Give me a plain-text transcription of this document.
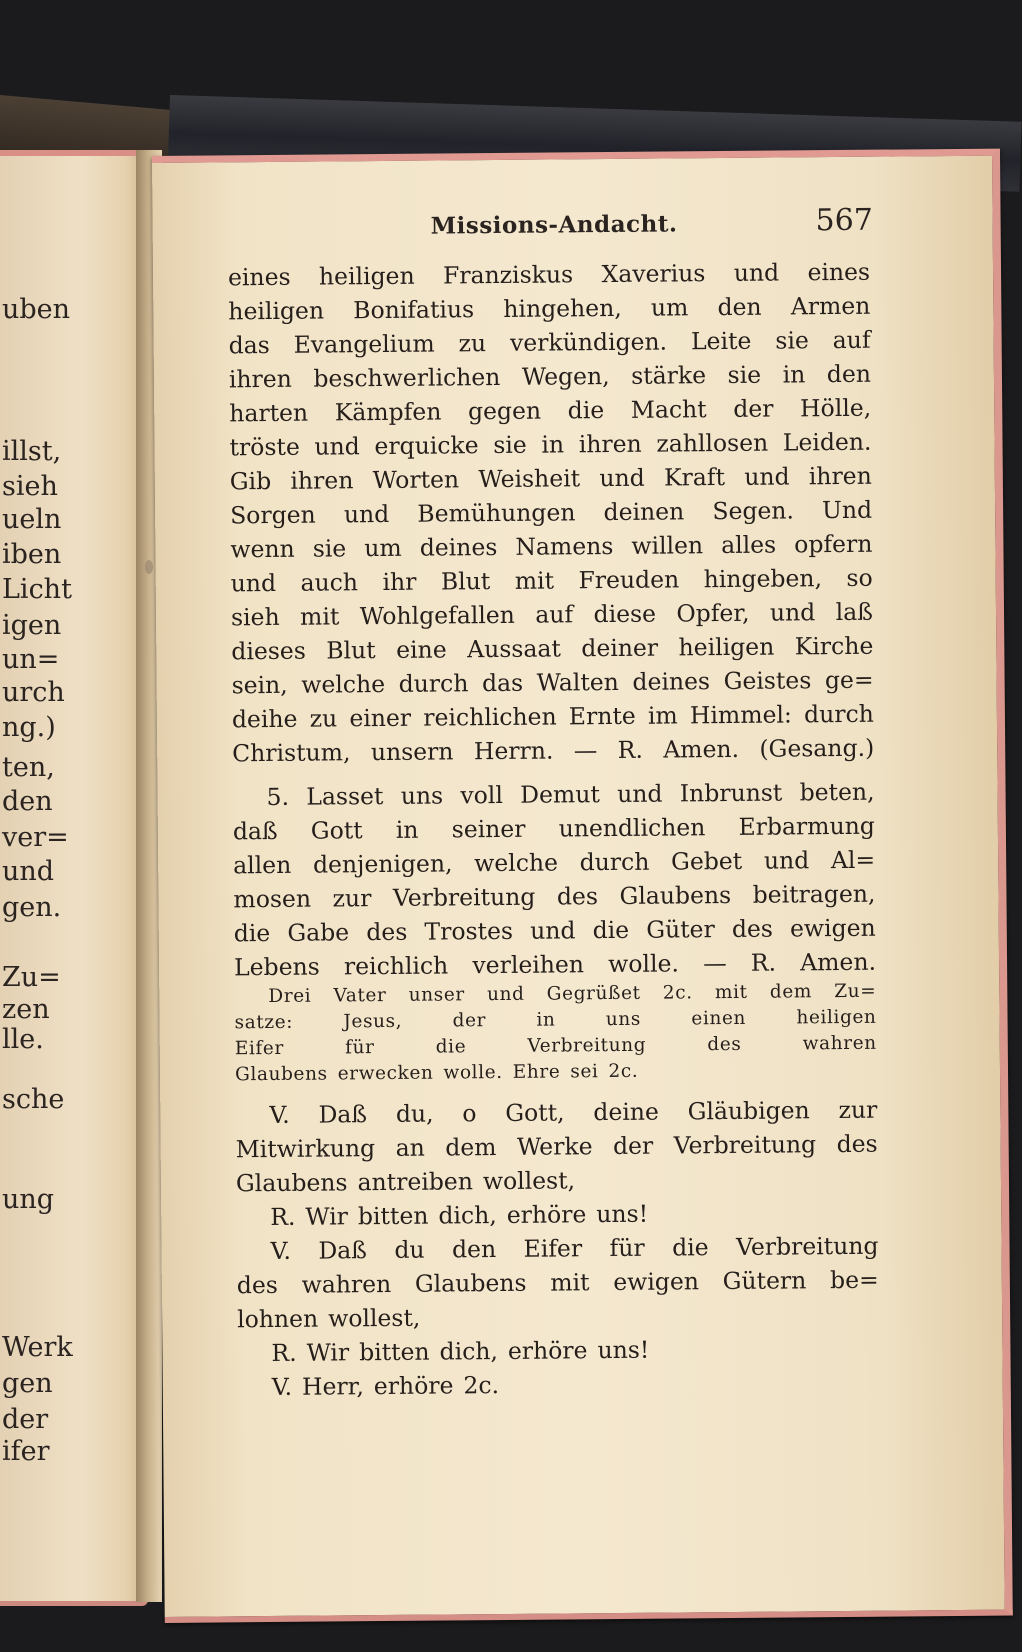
uben
illst,
sieh
ueln
iben
Licht
igen
un=
urch
ng.)
ten,
den
ver=
und
gen.
Zu=
zen
lle.
sche
ung
Werk
gen
der
ifer
Missions-Andacht.	567
eines heiligen Franziskus Xaverius und eines
heiligen Bonifatius hingehen, um den Armen
das Evangelium zu verkündigen. Leite sie auf
ihren beschwerlichen Wegen, stärke sie in den
harten Kämpfen gegen die Macht der Hölle,
tröste und erquicke sie in ihren zahllosen Leiden.
Gib ihren Worten Weisheit und Kraft und ihren
Sorgen und Bemühungen deinen Segen. Und
wenn sie um deines Namens willen alles opfern
und auch ihr Blut mit Freuden hingeben, so
sieh mit Wohlgefallen auf diese Opfer, und laß
dieses Blut eine Aussaat deiner heiligen Kirche
sein, welche durch das Walten deines Geistes ge=
deihe zu einer reichlichen Ernte im Himmel: durch
Christum, unsern Herrn. — R. Amen. (Gesang.)
5. Lasset uns voll Demut und Inbrunst beten,
daß Gott in seiner unendlichen Erbarmung
allen denjenigen, welche durch Gebet und Al=
mosen zur Verbreitung des Glaubens beitragen,
die Gabe des Trostes und die Güter des ewigen
Lebens reichlich verleihen wolle. — R. Amen.
Drei Vater unser und Gegrüßet 2c. mit dem Zu=
satze:	Jesus,	der	in	uns	einen	heiligen
Eifer	für	die	Verbreitung	des	wahren
Glaubens erwecken wolle. Ehre sei 2c.
V. Daß du, o Gott, deine Gläubigen zur
Mitwirkung an dem Werke der Verbreitung des
Glaubens antreiben wollest,
R. Wir bitten dich, erhöre uns!
V. Daß du den Eifer für die Verbreitung
des wahren Glaubens mit ewigen Gütern be=
lohnen wollest,
R. Wir bitten dich, erhöre uns!
V. Herr, erhöre 2c.
